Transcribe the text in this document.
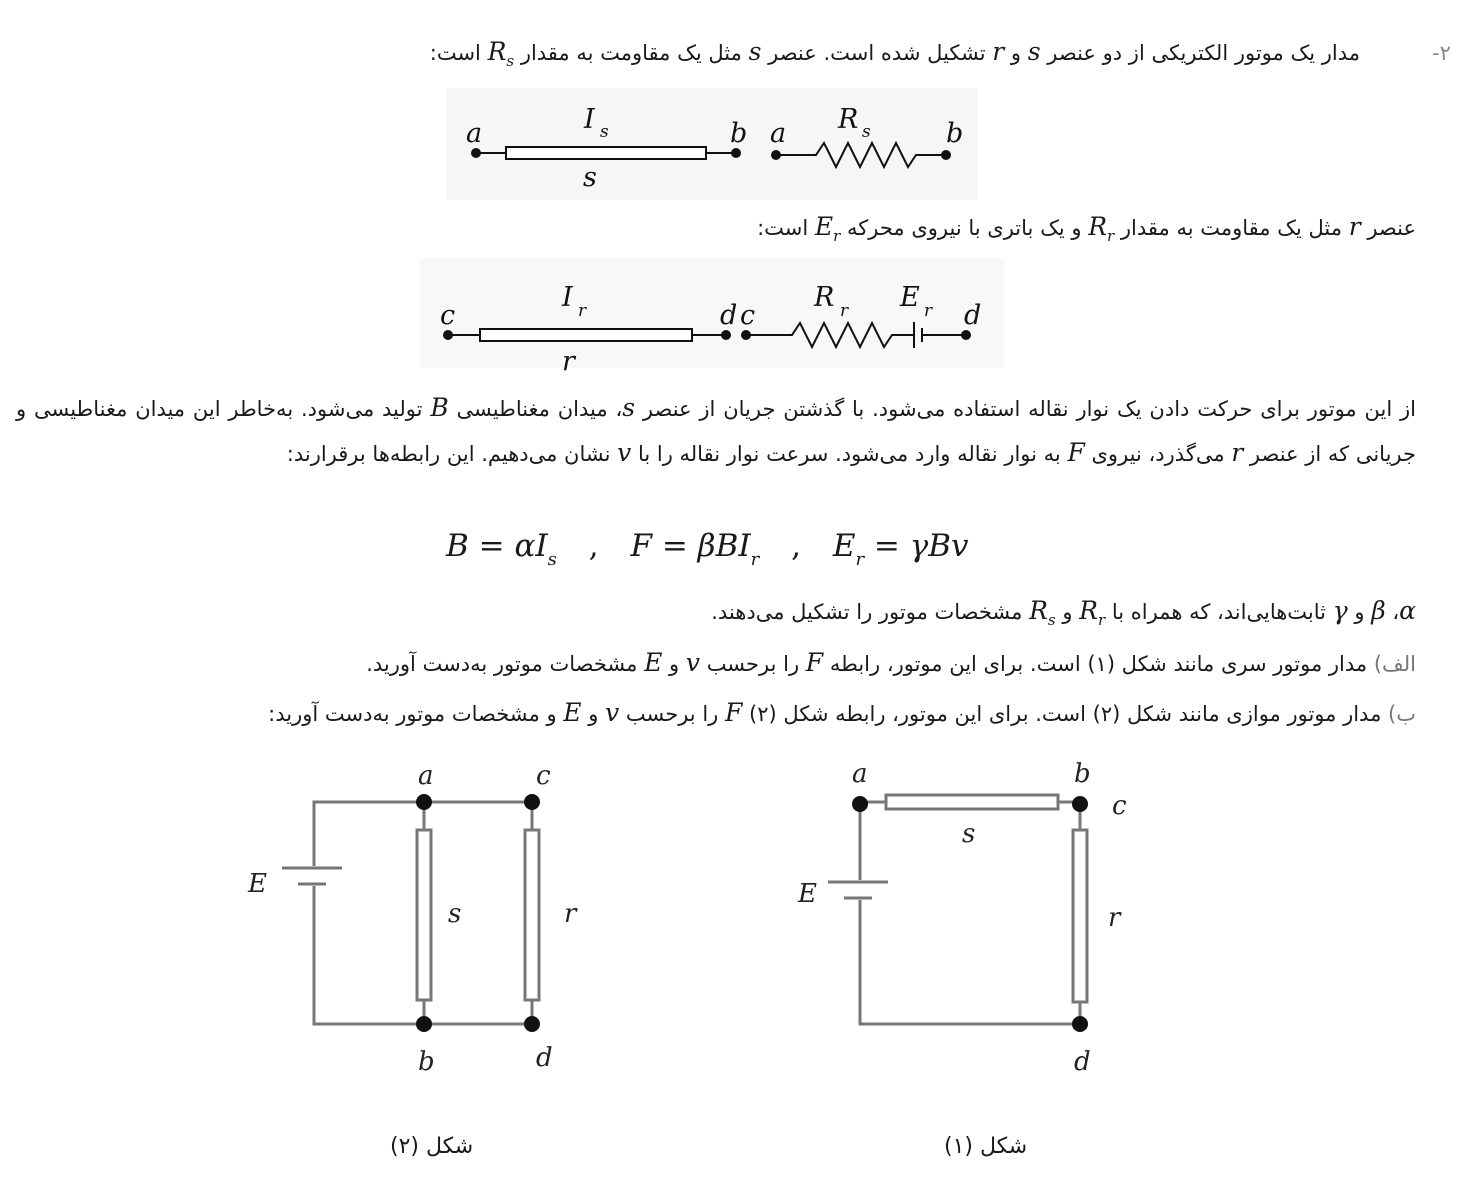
۲-
مدار یک موتور الکتریکی از دو عنصر s و r تشکیل شده است. عنصر s مثل یک مقاومت به مقدار $R_s$ است:
عنصر r مثل یک مقاومت به مقدار $R_r$ و یک باتری با نیروی محرکه $E_r$ است:
از این موتور برای حرکت دادن یک نوار نقاله استفاده می‌شود. با گذشتن جریان از عنصر s، میدان مغناطیسی B تولید می‌شود. به‌خاطر این میدان مغناطیسی و جریانی که از عنصر r می‌گذرد، نیروی F به نوار نقاله وارد می‌شود. سرعت نوار نقاله را با v نشان می‌دهیم. این رابطه‌ها برقرارند:
$B = \alpha I_s$ , F = βBI$_r$ , $E_r = \gamma Bv$
α، β و γ ثابت‌هایی‌اند، که همراه با $R_r$ و $R_s$ مشخصات موتور را تشکیل می‌دهند.
الف) مدار موتور سری مانند شکل (۱) است. برای این موتور، رابطه F را برحسب v و E مشخصات موتور به‌دست آورید.
ب) مدار موتور موازی مانند شکل (۲) است. برای این موتور، رابطه شکل (۲) F را برحسب v و E و مشخصات موتور به‌دست آورید:
a	b
I s
s
a	b
R s
c	d c	d
I r
r
R r E r
a	c
b	d
s	r
E
a	b
c
d
s
r
E
شکل (۲)	شکل (۱)
